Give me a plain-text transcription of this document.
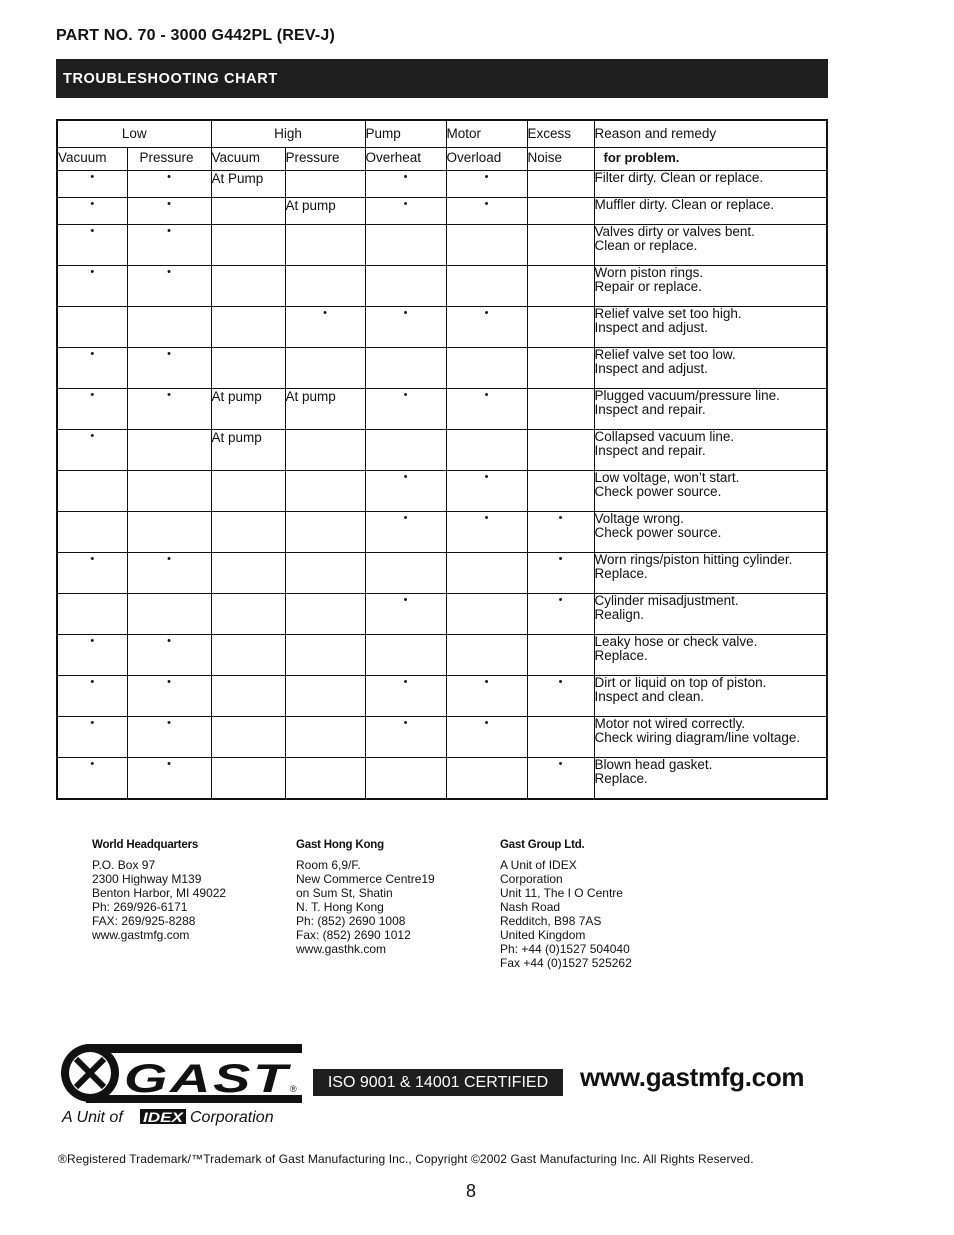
PART NO. 70 - 3000 G442PL (REV-J)
TROUBLESHOOTING CHART
Low		High		Pump	Motor	Excess	Reason and remedy
Vacuum	Pressure	Vacuum	Pressure	Overheat	Overload	Noise	for problem.
•	•	At Pump		•	•		Filter dirty. Clean or replace.

•	•		At pump	•	•		Muffler dirty. Clean or replace.

•	•						Valves dirty or valves bent.
Clean or replace.

•	•						Worn piston rings.
Repair or replace.

			•	•	•		Relief valve set too high.
Inspect and adjust.

•	•						Relief valve set too low.
Inspect and adjust.

•	•	At pump	At pump	•	•		Plugged vacuum/pressure line.
Inspect and repair.

•		At pump					Collapsed vacuum line.
Inspect and repair.

				•	•		Low voltage, won’t start.
Check power source.

				•	•	•	Voltage wrong.
Check power source.

•	•					•	Worn rings/piston hitting cylinder.
Replace.

				•		•	Cylinder misadjustment.
Realign.

•	•						Leaky hose or check valve.
Replace.

•	•			•	•	•	Dirt or liquid on top of piston.
Inspect and clean.

•	•			•	•		Motor not wired correctly.
Check wiring diagram/line voltage.

•	•					•	Blown head gasket.
Replace.
World Headquarters
P.O. Box 97
2300 Highway M139
Benton Harbor, MI 49022
Ph: 269/926-6171
FAX: 269/925-8288
www.gastmfg.com
Gast Hong Kong
Room 6,9/F.
New Commerce Centre19
on Sum St, Shatin
N. T. Hong Kong
Ph: (852) 2690 1008
Fax: (852) 2690 1012
www.gasthk.com
Gast Group Ltd.
A Unit of IDEX
Corporation
Unit 11, The I O Centre
Nash Road
Redditch, B98 7AS
United Kingdom
Ph: +44 (0)1527 504040
Fax +44 (0)1527 525262
GAST
®
A Unit of IDEX Corporation
ISO 9001 & 14001 CERTIFIED	www.gastmfg.com
®Registered Trademark/™Trademark of Gast Manufacturing Inc., Copyright ©2002 Gast Manufacturing Inc. All Rights Reserved.
8
